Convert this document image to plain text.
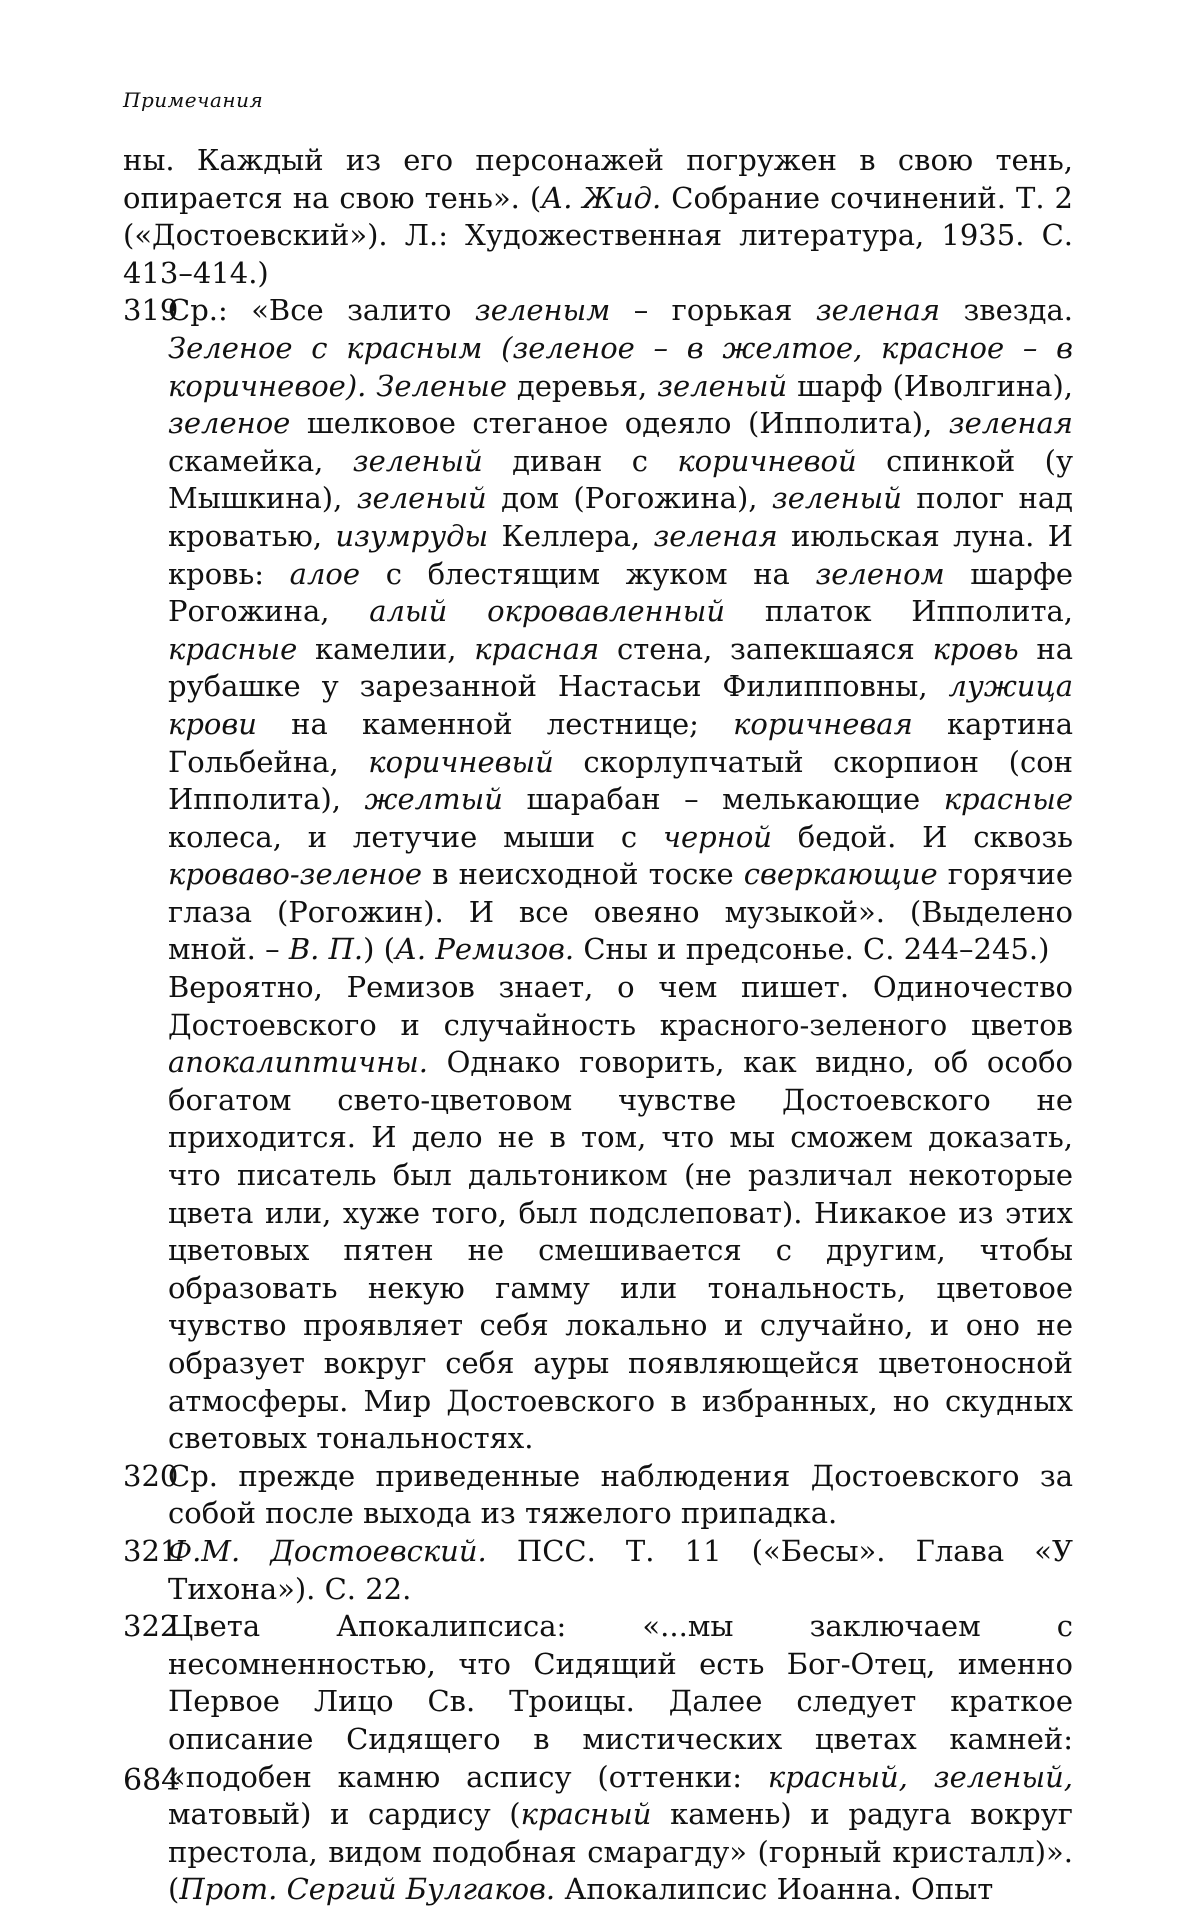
Примечания

ны. Каждый из его персонажей погружен в свою тень, опирается на свою тень». (А. Жид. Собрание сочинений. Т. 2 («Достоевский»). Л.: Художественная литература, 1935. С. 413–414.)

319
Ср.: «Все залито зеленым – горькая зеленая звезда. Зеленое с красным (зеленое – в желтое, красное – в коричневое). Зеленые деревья, зеленый шарф (Иволгина), зеленое шелковое стеганое одеяло (Ипполита), зеленая скамейка, зеленый диван с коричневой спинкой (у Мышкина), зеленый дом (Рогожина), зеленый полог над кроватью, изумруды Келлера, зеленая июльская луна. И кровь: алое с блестящим жуком на зеленом шарфе Рогожина, алый окровавленный платок Ипполита, красные камелии, красная стена, запекшаяся кровь на рубашке у зарезанной Настасьи Филипповны, лужица крови на каменной лестнице; коричневая картина Гольбейна, коричневый скорлупчатый скорпион (сон Ипполита), желтый шарабан – мелькающие красные колеса, и летучие мыши с черной бедой. И сквозь кроваво-зеленое в неисходной тоске сверкающие горячие глаза (Рогожин). И все овеяно музыкой». (Выделено мной. – В. П.) (А. Ремизов. Сны и предсонье. С. 244–245.)

Вероятно, Ремизов знает, о чем пишет. Одиночество Достоевского и случайность красного-зеленого цветов апокалиптичны. Однако говорить, как видно, об особо богатом свето-цветовом чувстве Достоевского не приходится. И дело не в том, что мы сможем доказать, что писатель был дальтоником (не различал некоторые цвета или, хуже того, был подслеповат). Никакое из этих цветовых пятен не смешивается с другим, чтобы образовать некую гамму или тональность, цветовое чувство проявляет себя локально и случайно, и оно не образует вокруг себя ауры появляющейся цветоносной атмосферы. Мир Достоевского в избранных, но скудных световых тональностях.

320
Ср. прежде приведенные наблюдения Достоевского за собой после выхода из тяжелого припадка.

321
Ф.М. Достоевский. ПСС. Т. 11 («Бесы». Глава «У Тихона»). С. 22.

322
Цвета Апокалипсиса: «...мы заключаем с несомненностью, что Сидящий есть Бог-Отец, именно Первое Лицо Св. Троицы. Далее следует краткое описание Сидящего в мистических цветах камней: «подобен камню аспису (оттенки: красный, зеленый, матовый) и сардису (красный камень) и радуга вокруг престола, видом подобная смарагду» (горный кристалл)». (Прот. Сергий Булгаков. Апокалипсис Иоанна. Опыт

684
